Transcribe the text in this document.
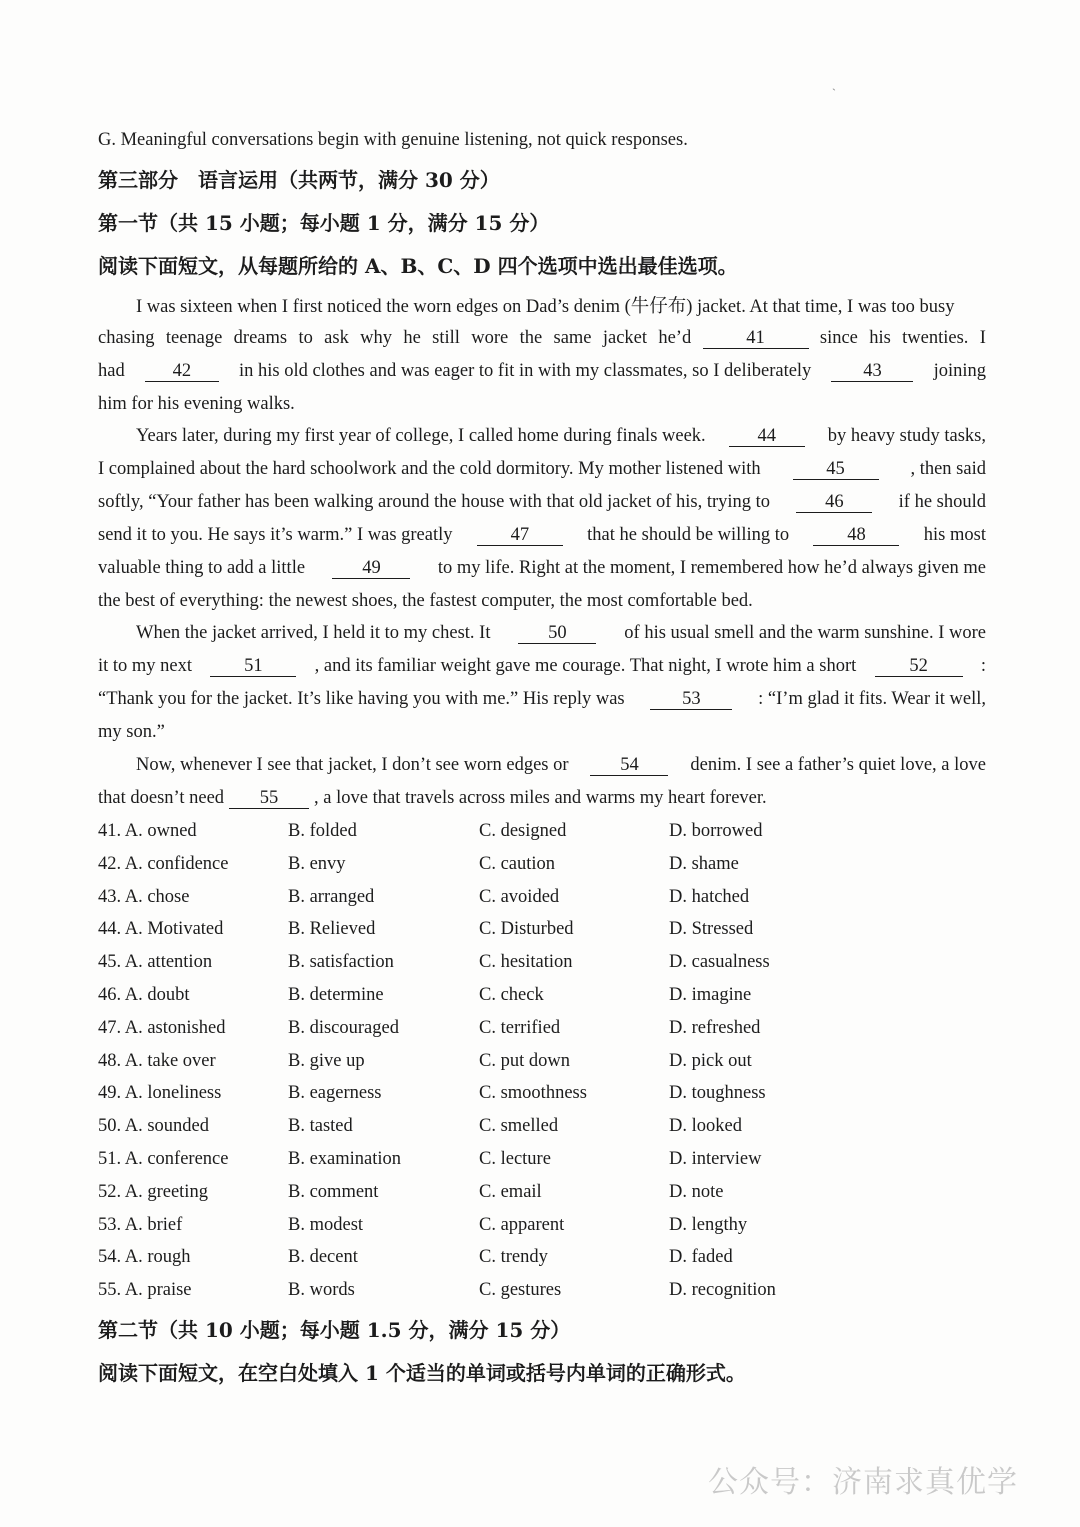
ˋ
G. Meaningful conversations begin with genuine listening, not quick responses.
第三部分　语言运用（共两节，满分 30 分）
第一节（共 15 小题；每小题 1 分，满分 15 分）
阅读下面短文，从每题所给的 A、B、C、D 四个选项中选出最佳选项。
I was sixteen when I first noticed the worn edges on Dad’s denim (牛仔布) jacket. At that time, I was too busy
chasing teenage dreams to ask why he still wore the same jacket he’d	41	since his twenties. I
had	42	in his old clothes and was eager to fit in with my classmates, so I deliberately	43	joining
him for his evening walks.
Years later, during my first year of college, I called home during finals week.	44	by heavy study tasks,
I complained about the hard schoolwork and the cold dormitory. My mother listened with	45	, then said
softly, “Your father has been walking around the house with that old jacket of his, trying to	46	if he should
send it to you. He says it’s warm.” I was greatly	47	that he should be willing to	48	his most
valuable thing to add a little	49	to my life. Right at the moment, I remembered how he’d always given me
the best of everything: the newest shoes, the fastest computer, the most comfortable bed.
When the jacket arrived, I held it to my chest. It	50	of his usual smell and the warm sunshine. I wore
it to my next	51	, and its familiar weight gave me courage. That night, I wrote him a short	52	:
“Thank you for the jacket. It’s like having you with me.” His reply was	53	: “I’m glad it fits. Wear it well,
my son.”
Now, whenever I see that jacket, I don’t see worn edges or	54	denim. I see a father’s quiet love, a love
that doesn’t need	55	, a love that travels across miles and warms my heart forever.
41. A. owned	B. folded	C. designed	D. borrowed
42. A. confidence	B. envy	C. caution	D. shame
43. A. chose	B. arranged	C. avoided	D. hatched
44. A. Motivated	B. Relieved	C. Disturbed	D. Stressed
45. A. attention	B. satisfaction	C. hesitation	D. casualness
46. A. doubt	B. determine	C. check	D. imagine
47. A. astonished	B. discouraged	C. terrified	D. refreshed
48. A. take over	B. give up	C. put down	D. pick out
49. A. loneliness	B. eagerness	C. smoothness	D. toughness
50. A. sounded	B. tasted	C. smelled	D. looked
51. A. conference	B. examination	C. lecture	D. interview
52. A. greeting	B. comment	C. email	D. note
53. A. brief	B. modest	C. apparent	D. lengthy
54. A. rough	B. decent	C. trendy	D. faded
55. A. praise	B. words	C. gestures	D. recognition
第二节（共 10 小题；每小题 1.5 分，满分 15 分）
阅读下面短文，在空白处填入 1 个适当的单词或括号内单词的正确形式。
公众号：济南求真优学
